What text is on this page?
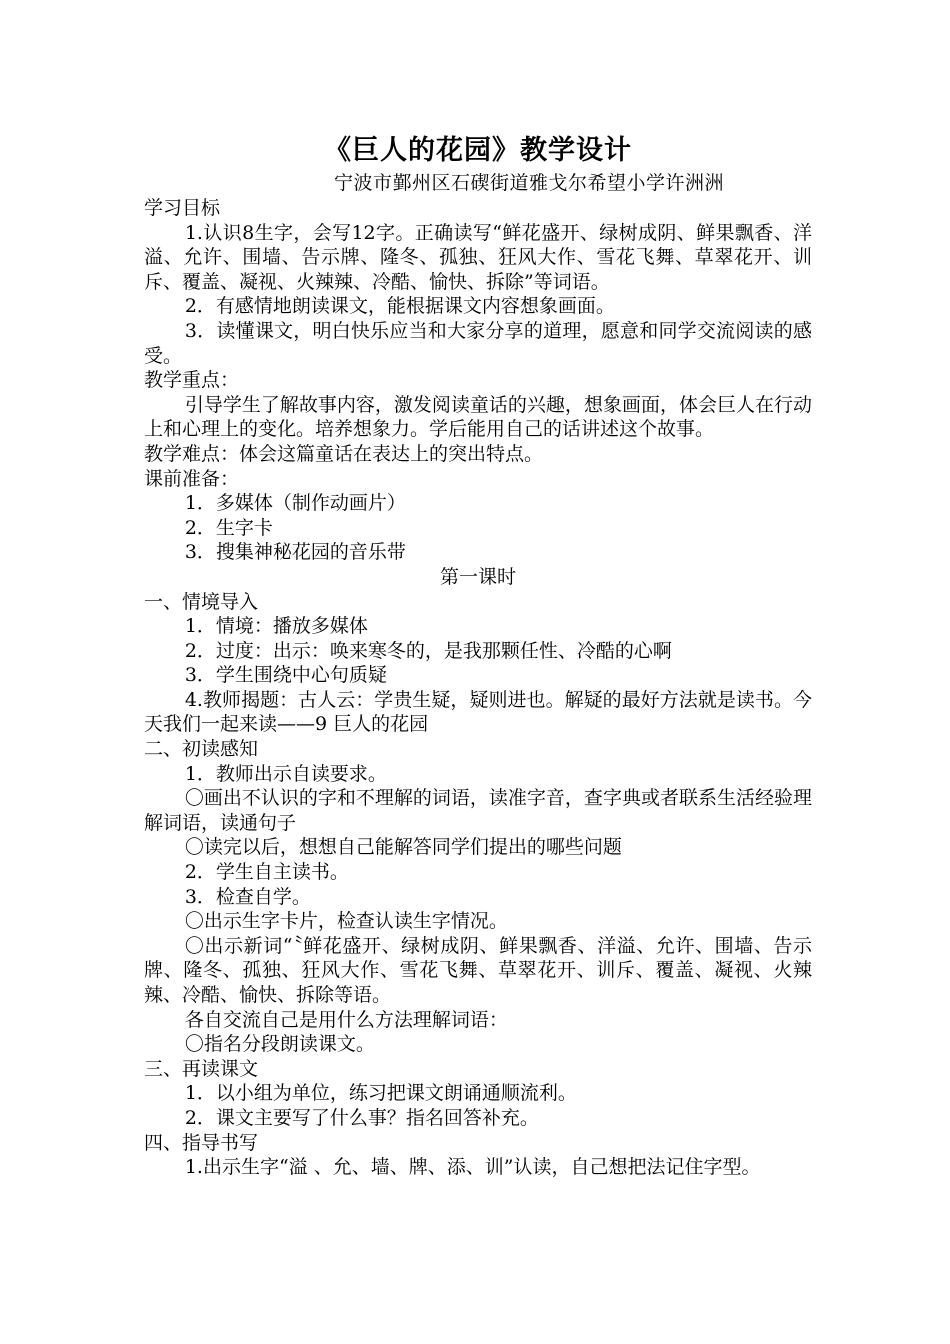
《巨人的花园》教学设计
宁波市鄞州区石碶街道雅戈尔希望小学许洲洲

学习目标

1.认识8生字，会写12字。正确读写“鲜花盛开、绿树成阴、鲜果飘香、洋溢、允许、围墙、告示牌、隆冬、孤独、狂风大作、雪花飞舞、草翠花开、训斥、覆盖、凝视、火辣辣、冷酷、愉快、拆除”等词语。

2．有感情地朗读课文，能根据课文内容想象画面。

3．读懂课文，明白快乐应当和大家分享的道理，愿意和同学交流阅读的感受。

教学重点：

引导学生了解故事内容，激发阅读童话的兴趣，想象画面，体会巨人在行动上和心理上的变化。培养想象力。学后能用自己的话讲述这个故事。

教学难点：体会这篇童话在表达上的突出特点。

课前准备：

1．多媒体（制作动画片）

2．生字卡

3．搜集神秘花园的音乐带

第一课时

一、情境导入

1．情境：播放多媒体

2．过度：出示：唤来寒冬的，是我那颗任性、冷酷的心啊

3．学生围绕中心句质疑

4.教师揭题：古人云：学贵生疑，疑则进也。解疑的最好方法就是读书。今天我们一起来读——9 巨人的花园

二、初读感知

1．教师出示自读要求。

〇画出不认识的字和不理解的词语，读准字音，查字典或者联系生活经验理解词语，读通句子

〇读完以后，想想自己能解答同学们提出的哪些问题

2．学生自主读书。

3．检查自学。

〇出示生字卡片，检查认读生字情况。

〇出示新词“〝鲜花盛开、绿树成阴、鲜果飘香、洋溢、允许、围墙、告示牌、隆冬、孤独、狂风大作、雪花飞舞、草翠花开、训斥、覆盖、凝视、火辣辣、冷酷、愉快、拆除等语。

各自交流自己是用什么方法理解词语：

〇指名分段朗读课文。

三、再读课文

1．以小组为单位，练习把课文朗诵通顺流利。

2．课文主要写了什么事？指名回答补充。

四、指导书写

1.出示生字“溢 、允、墙、牌、添、训”认读，自己想把法记住字型。
